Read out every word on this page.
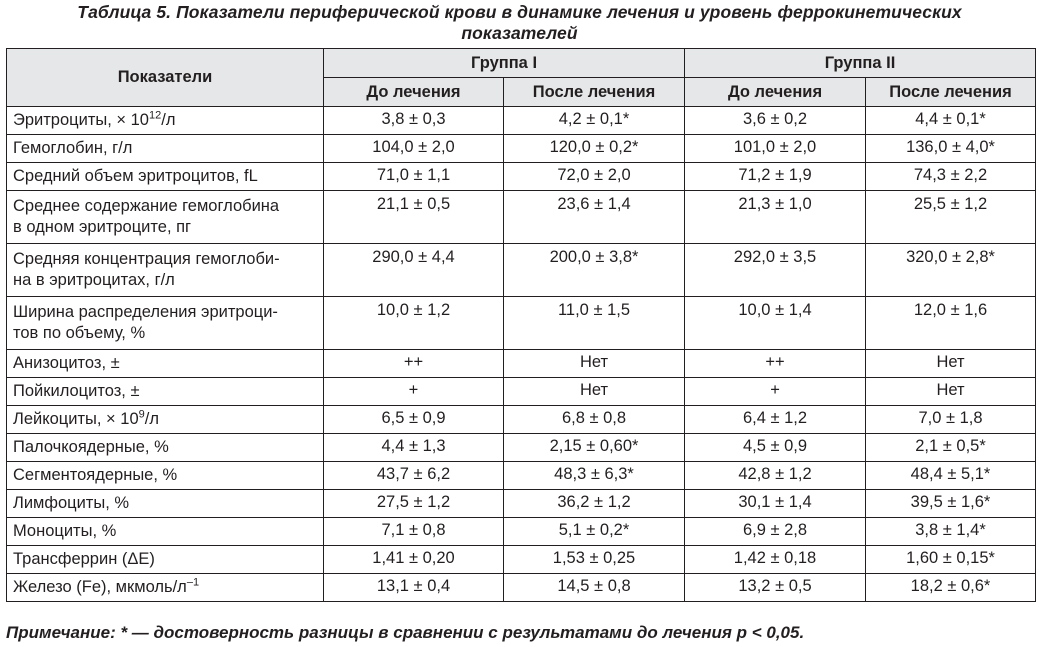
Таблица 5. Показатели периферической крови в динамике лечения и уровень феррокинетических
показателей
Показатели	Группа I		Группа II	
	До лечения	После лечения	До лечения	После лечения
Эритроциты, × $10^{12}/л$	3,8 ± 0,3	4,2 ± 0,1*	3,6 ± 0,2	4,4 ± 0,1*
Гемоглобин, г/л	104,0 ± 2,0	120,0 ± 0,2*	101,0 ± 2,0	136,0 ± 4,0*
Средний объем эритроцитов, fL	71,0 ± 1,1	72,0 ± 2,0	71,2 ± 1,9	74,3 ± 2,2
Среднее содержание гемоглобина
в одном эритроците, пг	21,1 ± 0,5	23,6 ± 1,4	21,3 ± 1,0	25,5 ± 1,2
Средняя концентрация гемоглоби-
на в эритроцитах, г/л	290,0 ± 4,4	200,0 ± 3,8*	292,0 ± 3,5	320,0 ± 2,8*
Ширина распределения эритроци-
тов по объему, %	10,0 ± 1,2	11,0 ± 1,5	10,0 ± 1,4	12,0 ± 1,6
Анизоцитоз, ±	++	Нет	++	Нет
Пойкилоцитоз, ±	+	Нет	+	Нет
Лейкоциты, × $10^9/л$	6,5 ± 0,9	6,8 ± 0,8	6,4 ± 1,2	7,0 ± 1,8
Палочкоядерные, %	4,4 ± 1,3	2,15 ± 0,60*	4,5 ± 0,9	2,1 ± 0,5*
Сегментоядерные, %	43,7 ± 6,2	48,3 ± 6,3*	42,8 ± 1,2	48,4 ± 5,1*
Лимфоциты, %	27,5 ± 1,2	36,2 ± 1,2	30,1 ± 1,4	39,5 ± 1,6*
Моноциты, %	7,1 ± 0,8	5,1 ± 0,2*	6,9 ± 2,8	3,8 ± 1,4*
Трансферрин (ΔE)	1,41 ± 0,20	1,53 ± 0,25	1,42 ± 0,18	1,60 ± 0,15*
Железо (Fe), мкмоль/$л^{-1}$	13,1 ± 0,4	14,5 ± 0,8	13,2 ± 0,5	18,2 ± 0,6*
Примечание: * — достоверность разницы в сравнении с результатами до лечения p < 0,05.
